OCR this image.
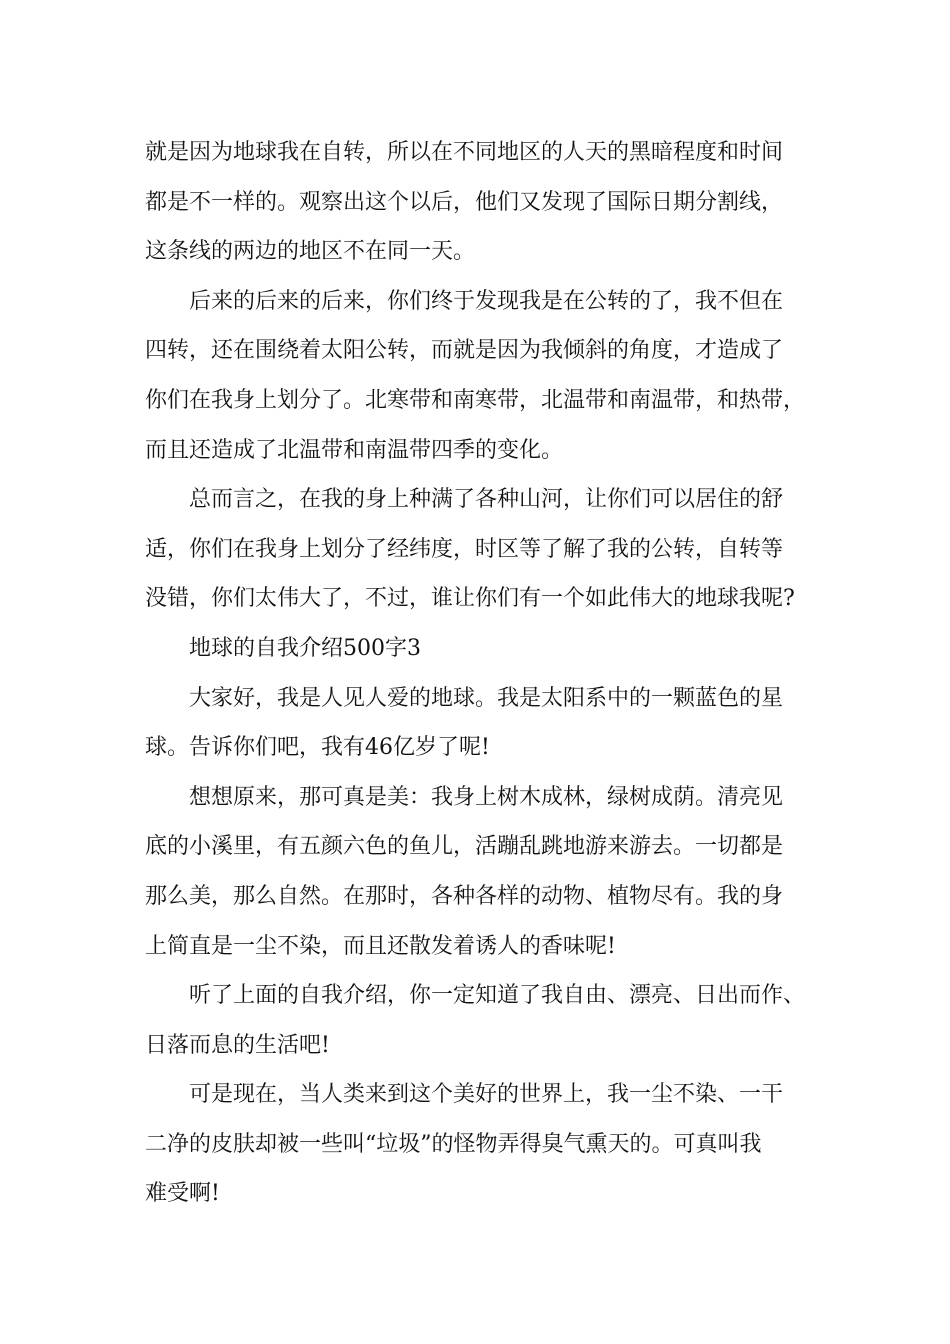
就是因为地球我在自转，所以在不同地区的人天的黑暗程度和时间
都是不一样的。观察出这个以后，他们又发现了国际日期分割线，
这条线的两边的地区不在同一天。
后来的后来的后来，你们终于发现我是在公转的了，我不但在
四转，还在围绕着太阳公转，而就是因为我倾斜的角度，才造成了
你们在我身上划分了。北寒带和南寒带，北温带和南温带，和热带，
而且还造成了北温带和南温带四季的变化。
总而言之，在我的身上种满了各种山河，让你们可以居住的舒
适，你们在我身上划分了经纬度，时区等了解了我的公转，自转等
没错，你们太伟大了，不过，谁让你们有一个如此伟大的地球我呢?
地球的自我介绍500字3
大家好，我是人见人爱的地球。我是太阳系中的一颗蓝色的星
球。告诉你们吧，我有46亿岁了呢!
想想原来，那可真是美：我身上树木成林，绿树成荫。清亮见
底的小溪里，有五颜六色的鱼儿，活蹦乱跳地游来游去。一切都是
那么美，那么自然。在那时，各种各样的动物、植物尽有。我的身
上简直是一尘不染，而且还散发着诱人的香味呢!
听了上面的自我介绍，你一定知道了我自由、漂亮、日出而作、
日落而息的生活吧!
可是现在，当人类来到这个美好的世界上，我一尘不染、一干
二净的皮肤却被一些叫“垃圾”的怪物弄得臭气熏天的。可真叫我
难受啊!
